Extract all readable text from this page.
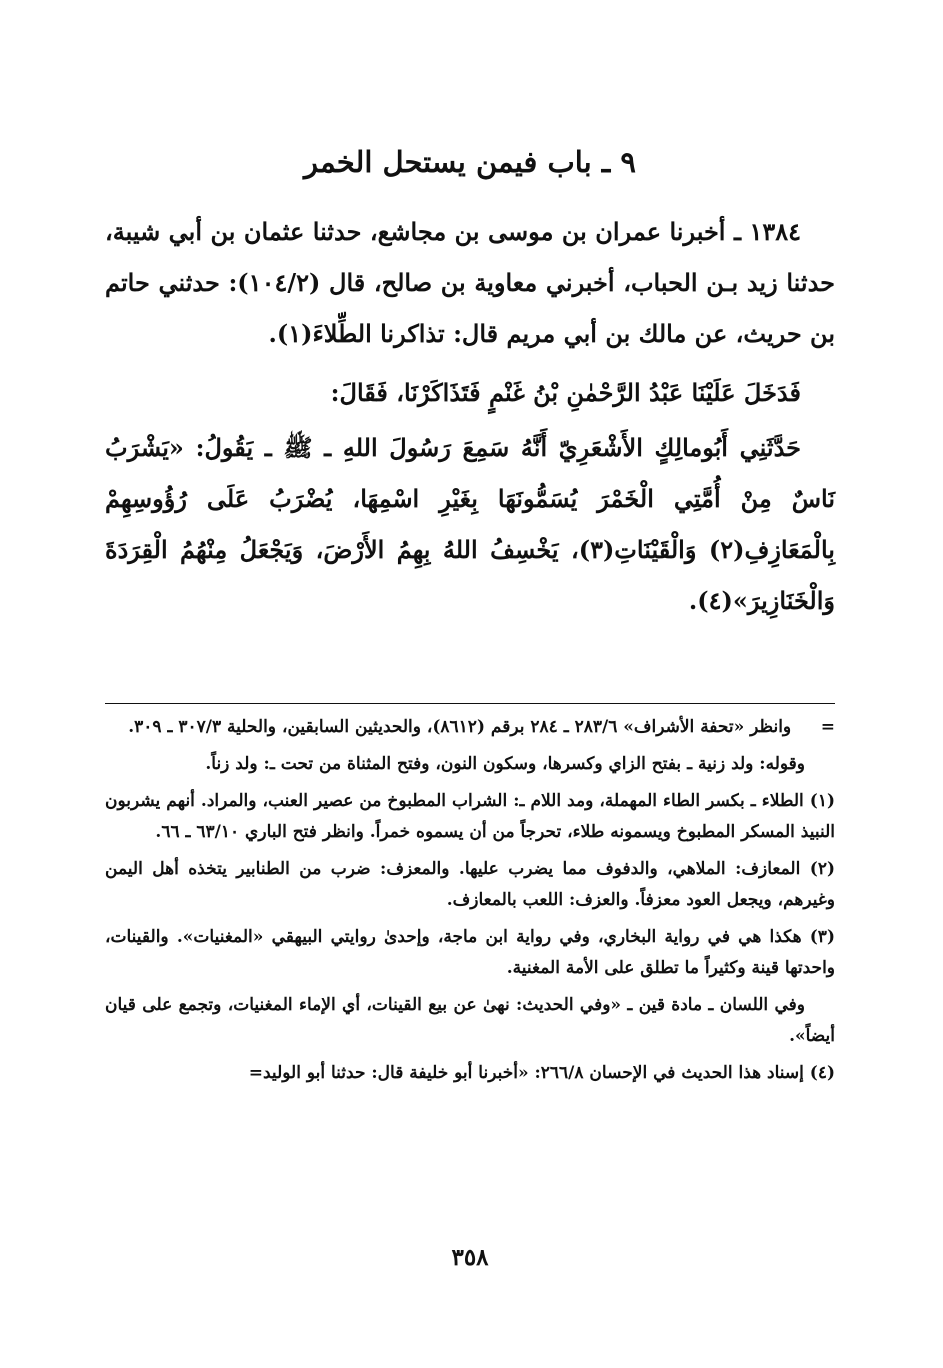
٩ ـ باب فيمن يستحل الخمر

١٣٨٤ ـ أخبرنا عمران بن موسى بن مجاشع، حدثنا عثمان بن أبي شيبة، حدثنا زيد بـن الحباب، أخبرني معاوية بن صالح، قال (١٠٤/٢): حدثني حاتم بن حريث، عن مالك بن أبي مريم قال: تذاكرنا الطِّلاءَ(١).

فَدَخَلَ عَلَيْنَا عَبْدُ الرَّحْمٰنِ بْنُ غَنْمٍ فَتَذَاكَرْنَا، فَقَالَ:

حَدَّثَنِي أَبُومالِكٍ الأَشْعَرِيّ أَنَّهُ سَمِعَ رَسُولَ اللهِ ـ ﷺ ـ يَقُولُ: «يَشْرَبُ نَاسٌ مِنْ أُمَّتِي الْخَمْرَ يُسَمُّونَهَا بِغَيْرِ اسْمِهَا، يُضْرَبُ عَلَى رُؤُوسِهِمْ بِالْمَعَازِفِ(٢) وَالْقَيْنَاتِ(٣)، يَخْسِفُ اللهُ بِهِمُ الأَرْضَ، وَيَجْعَلُ مِنْهُمُ الْقِرَدَةَ وَالْخَنَازِيرَ»(٤).

=     وانظر «تحفة الأشراف» ٢٨٣/٦ ـ ٢٨٤ برقم (٨٦١٢)، والحديثين السابقين، والحلية ٣٠٧/٣ ـ ٣٠٩.

وقوله: ولد زنية ـ بفتح الزاي وكسرها، وسكون النون، وفتح المثناة من تحت ـ: ولد زناً.

(١) الطلاء ـ بكسر الطاء المهملة، ومد اللام ـ: الشراب المطبوخ من عصير العنب، والمراد. أنهم يشربون النبيذ المسكر المطبوخ ويسمونه طلاء، تحرجاً من أن يسموه خمراً. وانظر فتح الباري ٦٣/١٠ ـ ٦٦.

(٢) المعازف: الملاهي، والدفوف مما يضرب عليها. والمعزف: ضرب من الطنابير يتخذه أهل اليمن وغيرهم، ويجعل العود معزفاً. والعزف: اللعب بالمعازف.

(٣) هكذا هي في رواية البخاري، وفي رواية ابن ماجة، وإحدىٰ روايتي البيهقي «المغنيات». والقينات، واحدتها قينة وكثيراً ما تطلق على الأمة المغنية.

وفي اللسان ـ مادة قين ـ «وفي الحديث: نهىٰ عن بيع القينات، أي الإماء المغنيات، وتجمع على قيان أيضاً».

(٤) إسناد هذا الحديث في الإحسان ٢٦٦/٨: «أخبرنا أبو خليفة قال: حدثنا أبو الوليد=

٣٥٨
